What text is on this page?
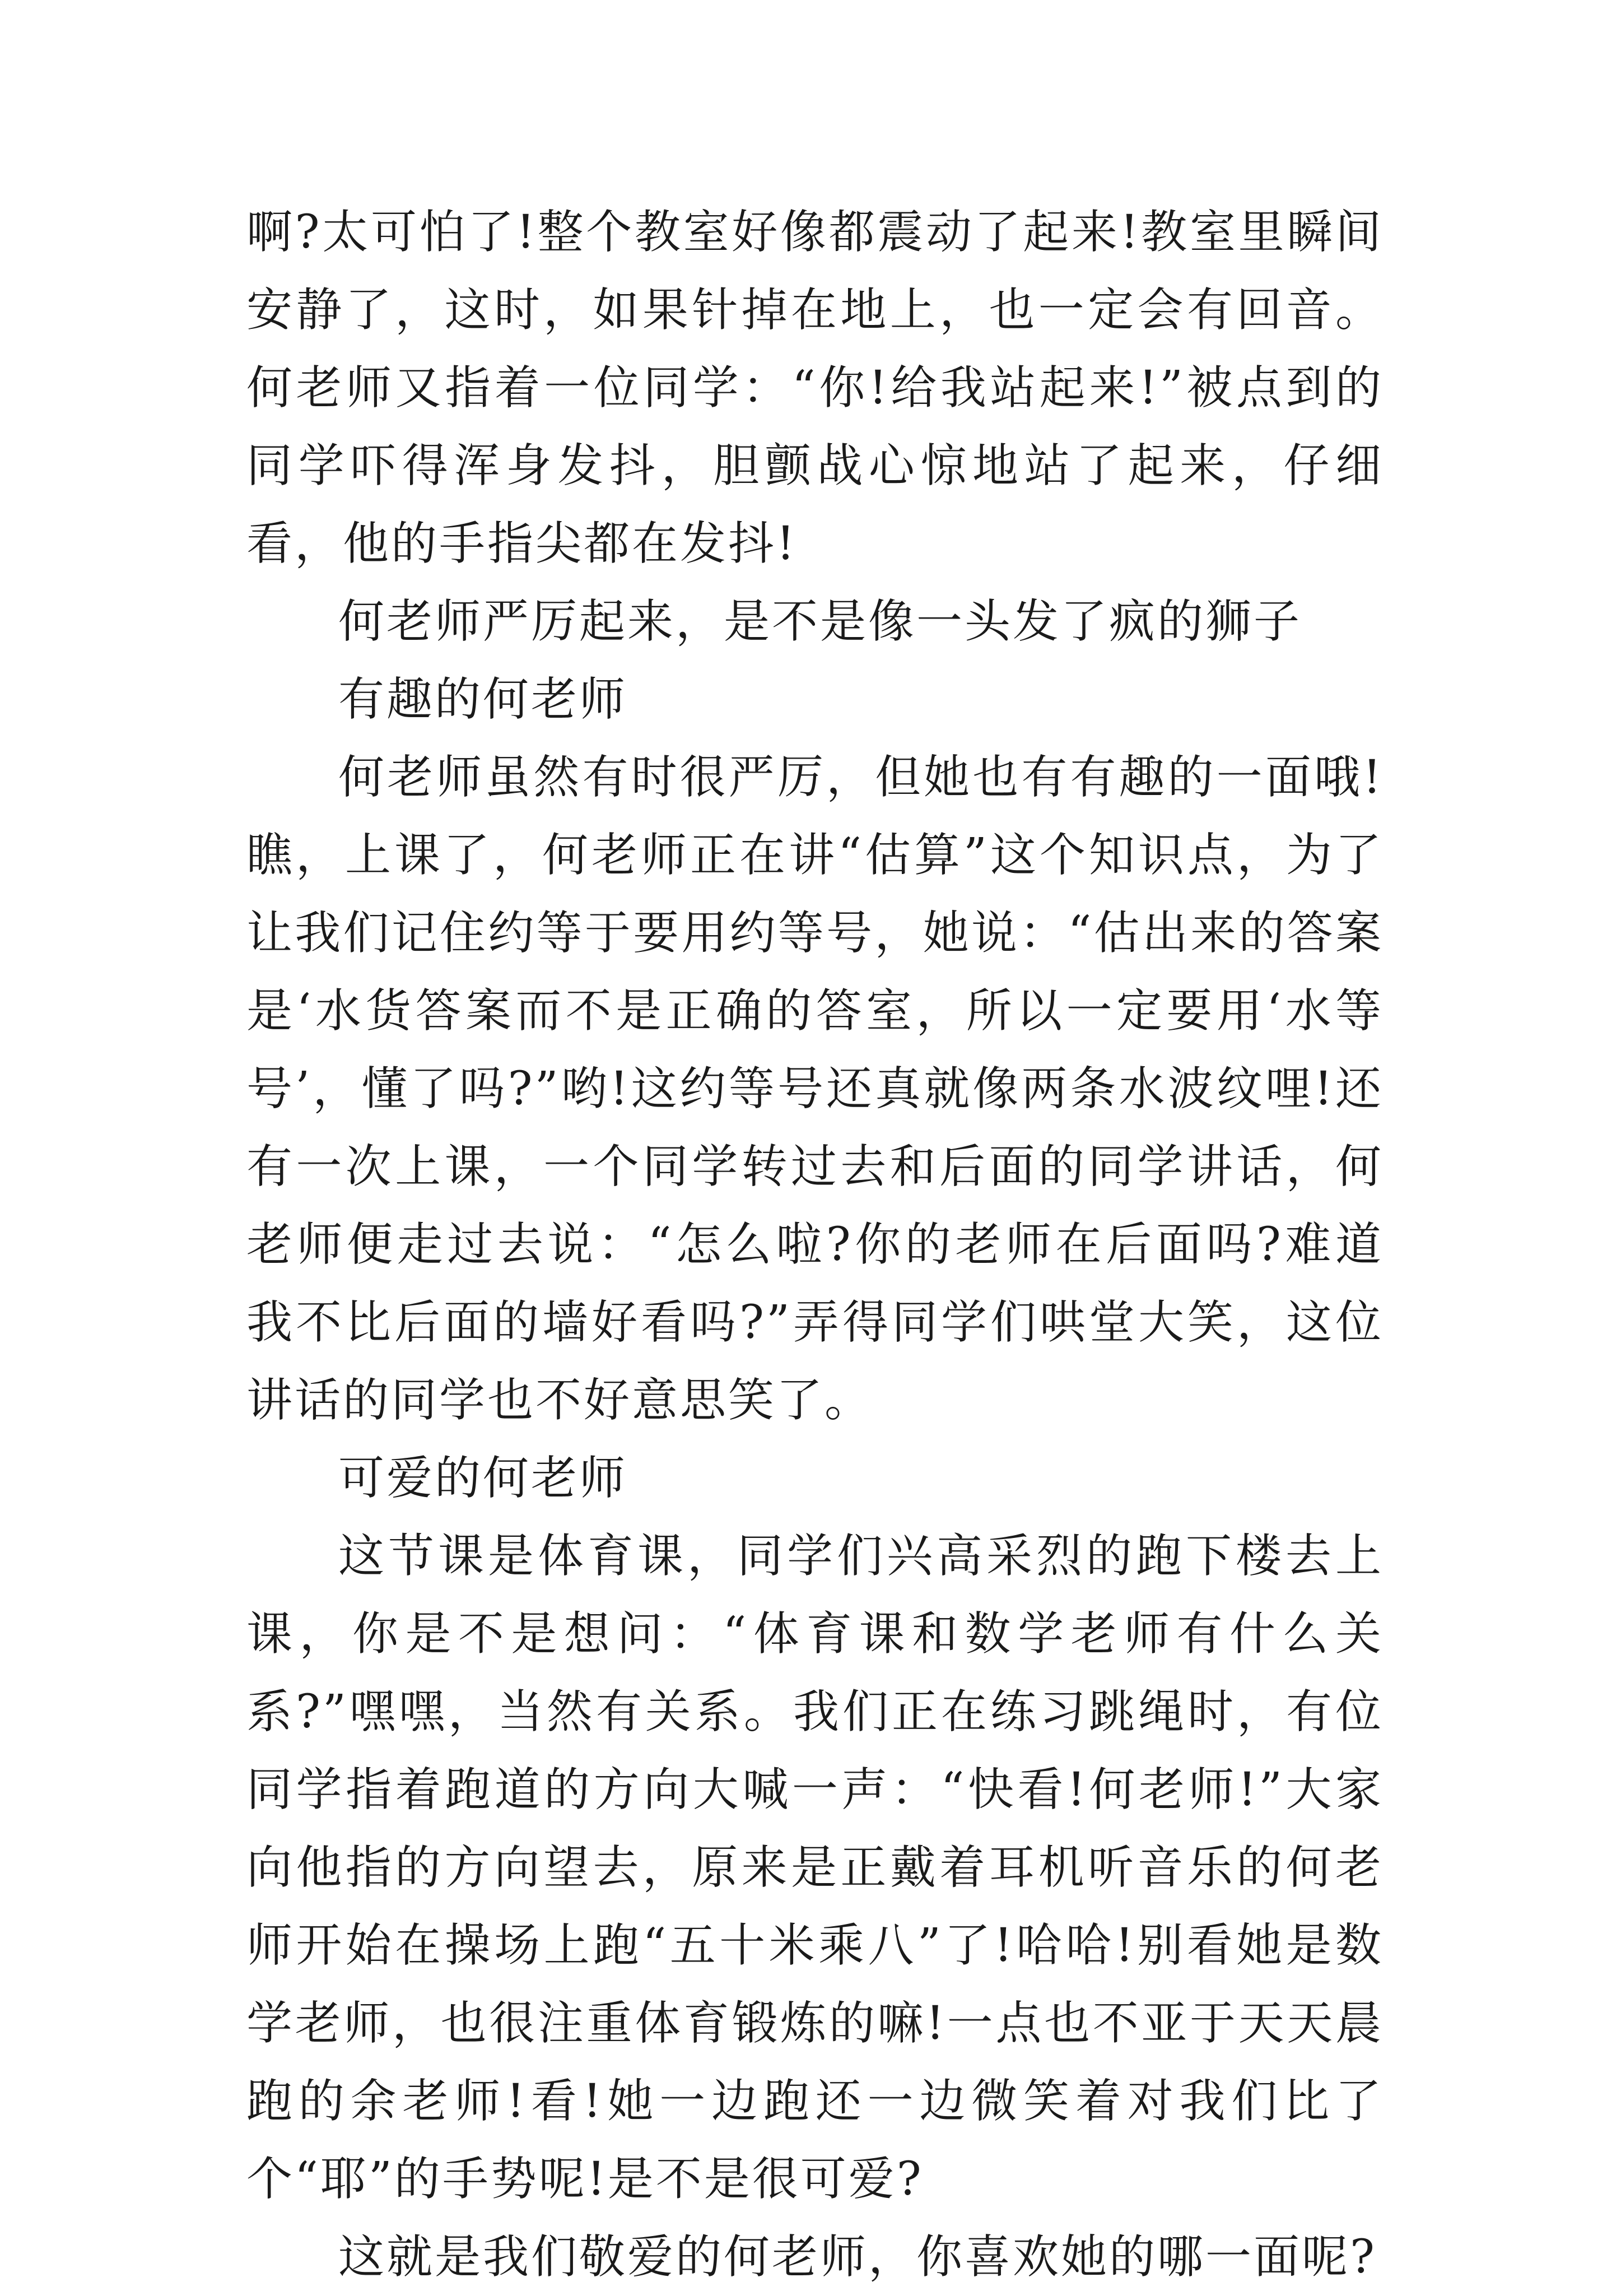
啊?太可怕了!整个教室好像都震动了起来!教室里瞬间安静了，这时，如果针掉在地上，也一定会有回音。何老师又指着一位同学：“你!给我站起来!”被点到的同学吓得浑身发抖，胆颤战心惊地站了起来，仔细看，他的手指尖都在发抖!

何老师严厉起来，是不是像一头发了疯的狮子

有趣的何老师

何老师虽然有时很严厉，但她也有有趣的一面哦!瞧，上课了，何老师正在讲“估算”这个知识点，为了让我们记住约等于要用约等号，她说：“估出来的答案是‘水货答案而不是正确的答室，所以一定要用‘水等号’，懂了吗?”哟!这约等号还真就像两条水波纹哩!还有一次上课，一个同学转过去和后面的同学讲话，何老师便走过去说：“怎么啦?你的老师在后面吗?难道我不比后面的墙好看吗?”弄得同学们哄堂大笑，这位讲话的同学也不好意思笑了。

可爱的何老师

这节课是体育课，同学们兴高采烈的跑下楼去上课，你是不是想问：“体育课和数学老师有什么关系?”嘿嘿，当然有关系。我们正在练习跳绳时，有位同学指着跑道的方向大喊一声：“快看!何老师!”大家向他指的方向望去，原来是正戴着耳机听音乐的何老师开始在操场上跑“五十米乘八”了!哈哈!别看她是数学老师，也很注重体育锻炼的嘛!一点也不亚于天天晨跑的余老师!看!她一边跑还一边微笑着对我们比了个“耶”的手势呢!是不是很可爱?

这就是我们敬爱的何老师，你喜欢她的哪一面呢?
